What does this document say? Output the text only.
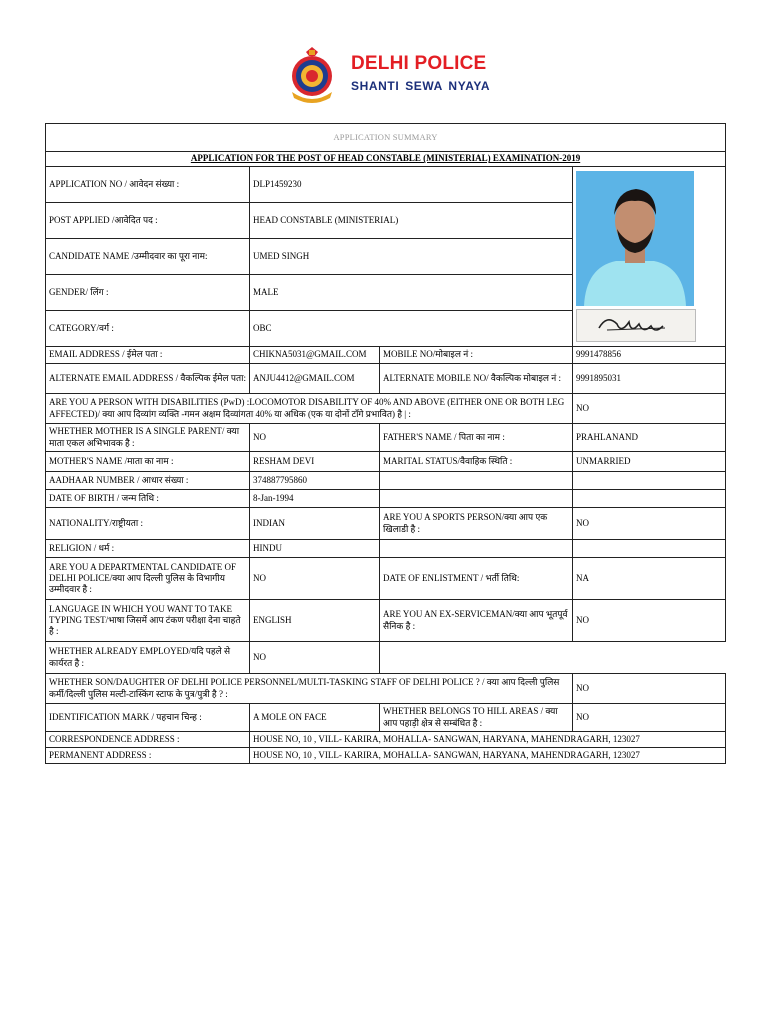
DELHI POLICE
SHANTI SEWA NYAYA
APPLICATION SUMMARY			
APPLICATION FOR THE POST OF HEAD CONSTABLE (MINISTERIAL) EXAMINATION-2019			
APPLICATION NO / आवेदन संख्या :	DLP1459230	

POST APPLIED /आवेदित पद :	HEAD CONSTABLE (MINISTERIAL)		
CANDIDATE NAME /उम्मीदवार का पूरा नाम:	UMED SINGH		
GENDER/ लिंग :	MALE		
CATEGORY/वर्ग :	OBC		
EMAIL ADDRESS / ईमेल पता :	CHIKNA5031@GMAIL.COM	MOBILE NO/मोबाइल नं :	9991478856
ALTERNATE EMAIL ADDRESS / वैकल्पिक ईमेल पता:	ANJU4412@GMAIL.COM	ALTERNATE MOBILE NO/ वैकल्पिक मोबाइल नं :	9991895031
ARE YOU A PERSON WITH DISABILITIES (PwD) :LOCOMOTOR DISABILITY OF 40% AND ABOVE (EITHER ONE OR BOTH LEG AFFECTED)/ क्या आप दिव्यांग व्यक्ति -गमन अक्षम दिव्यांगता 40% या अधिक (एक या दोनों टाँगे प्रभावित) है | :			NO
WHETHER MOTHER IS A SINGLE PARENT/ क्या माता एकल अभिभावक है :	NO	FATHER'S NAME / पिता का नाम :	PRAHLANAND
MOTHER'S NAME /माता का नाम :	RESHAM DEVI	MARITAL STATUS/वैवाहिक स्थिति :	UNMARRIED
AADHAAR NUMBER / आधार संख्या :	374887795860		
DATE OF BIRTH / जन्म तिथि :	8-Jan-1994		
NATIONALITY/राष्ट्रीयता :	INDIAN	ARE YOU A SPORTS PERSON/क्या आप एक खिलाडी है :	NO
RELIGION / धर्म :	HINDU		
ARE YOU A DEPARTMENTAL CANDIDATE OF DELHI POLICE/क्या आप दिल्ली पुलिस के विभागीय उम्मीदवार है :	NO	DATE OF ENLISTMENT / भर्ती तिथि:	NA
LANGUAGE IN WHICH YOU WANT TO TAKE TYPING TEST/भाषा जिसमें आप टंकण परीक्षा देना चाहते है :	ENGLISH	ARE YOU AN EX-SERVICEMAN/क्या आप भूतपूर्व सैनिक है :	NO
WHETHER ALREADY EMPLOYED/यदि पहले से कार्यरत है :	NO		
WHETHER SON/DAUGHTER OF DELHI POLICE PERSONNEL/MULTI-TASKING STAFF OF DELHI POLICE ? / क्या आप दिल्ली पुलिस कर्मी/दिल्ली पुलिस मल्टी-टास्किंग स्टाफ के पुत्र/पुत्री है ? :			NO
IDENTIFICATION MARK / पहचान चिन्ह :	A MOLE ON FACE	WHETHER BELONGS TO HILL AREAS / क्या आप पहाड़ी क्षेत्र से सम्बंधित है :	NO
CORRESPONDENCE ADDRESS :	HOUSE NO, 10 , VILL- KARIRA, MOHALLA- SANGWAN, HARYANA, MAHENDRAGARH, 123027		
PERMANENT ADDRESS :	HOUSE NO, 10 , VILL- KARIRA, MOHALLA- SANGWAN, HARYANA, MAHENDRAGARH, 123027		
